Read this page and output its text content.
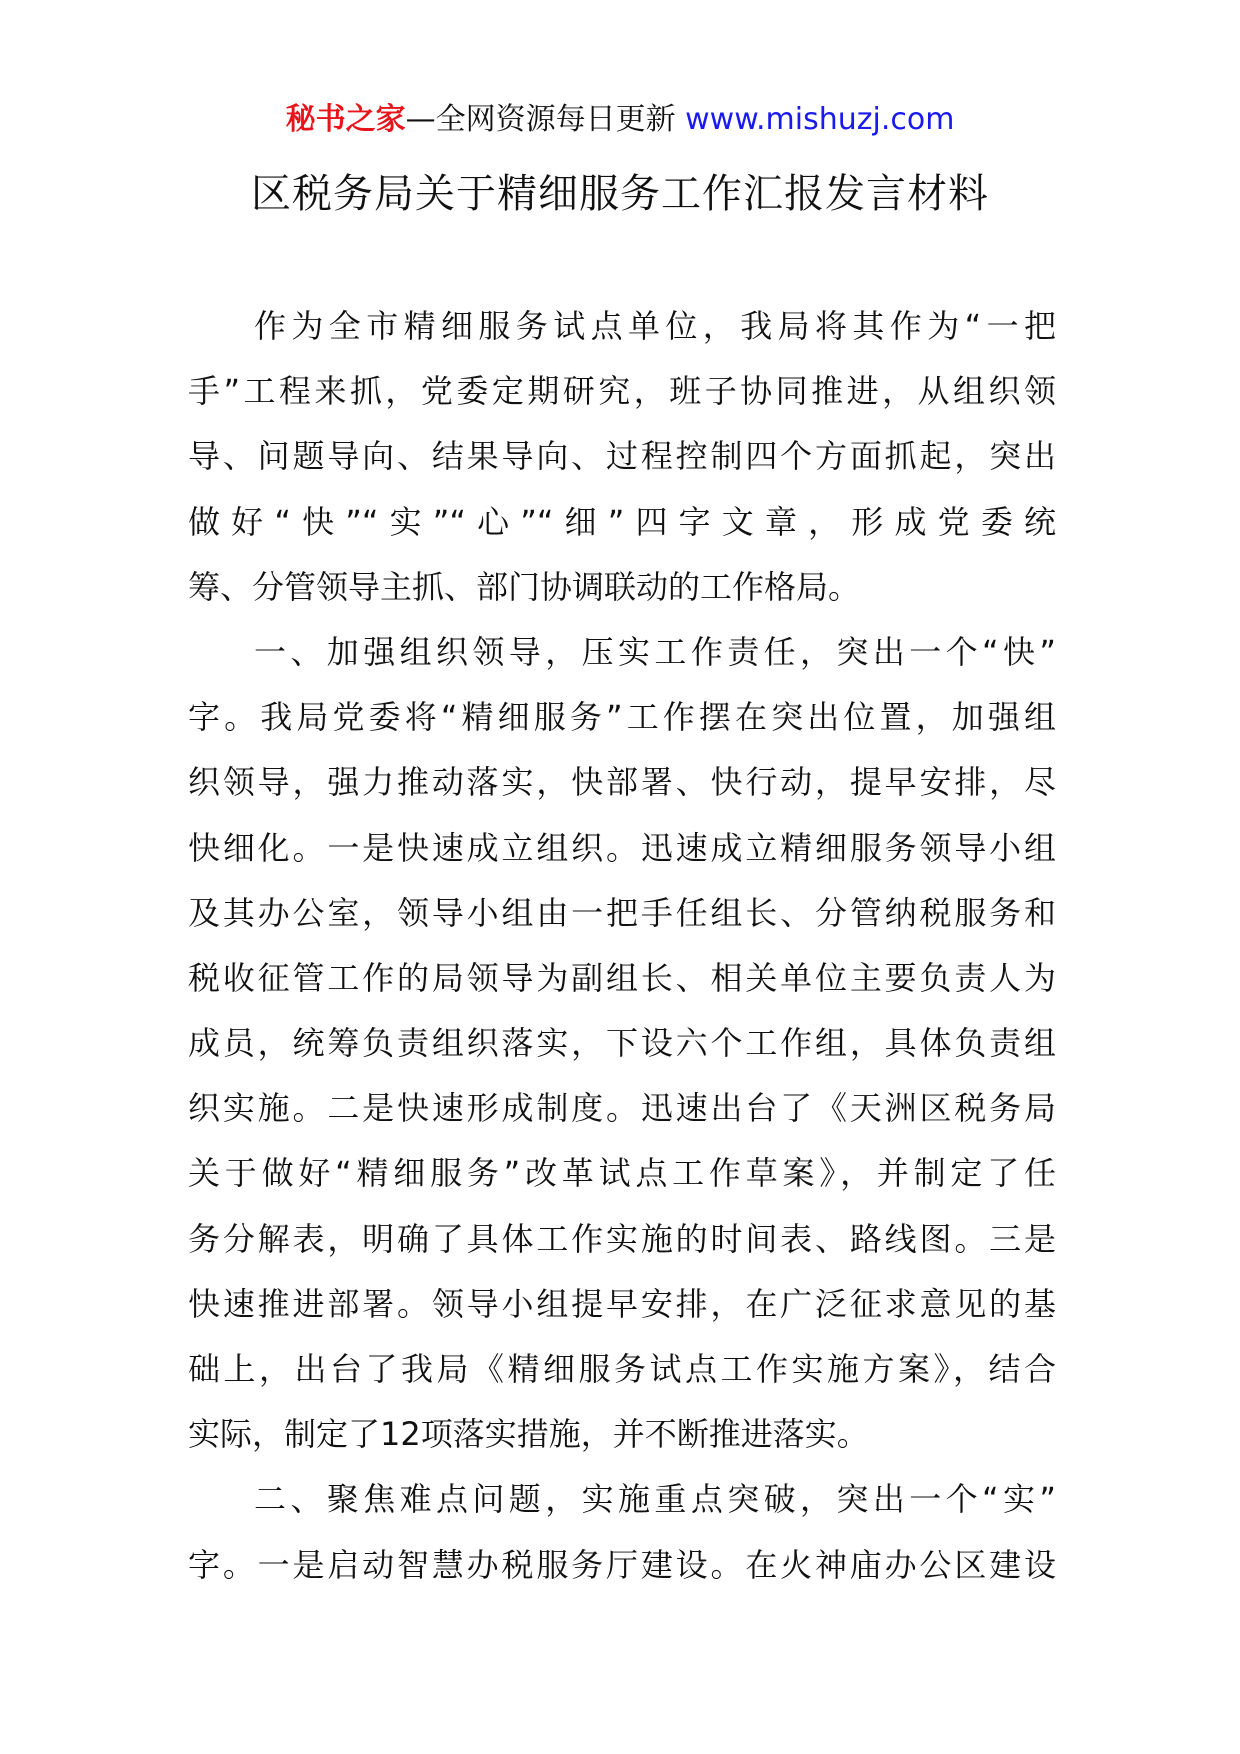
秘书之家—全网资源每日更新 www.mishuzj.com
区税务局关于精细服务工作汇报发言材料
作为全市精细服务试点单位，我局将其作为“一把
手”工程来抓，党委定期研究，班子协同推进，从组织领
导、问题导向、结果导向、过程控制四个方面抓起，突出
做好“快”“实”“心”“细”四字文章，形成党委统
筹、分管领导主抓、部门协调联动的工作格局。
一、加强组织领导，压实工作责任，突出一个“快”
字。我局党委将“精细服务”工作摆在突出位置，加强组
织领导，强力推动落实，快部署、快行动，提早安排，尽
快细化。一是快速成立组织。迅速成立精细服务领导小组
及其办公室，领导小组由一把手任组长、分管纳税服务和
税收征管工作的局领导为副组长、相关单位主要负责人为
成员，统筹负责组织落实，下设六个工作组，具体负责组
织实施。二是快速形成制度。迅速出台了《天洲区税务局
关于做好“精细服务”改革试点工作草案》，并制定了任
务分解表，明确了具体工作实施的时间表、路线图。三是
快速推进部署。领导小组提早安排，在广泛征求意见的基
础上，出台了我局《精细服务试点工作实施方案》，结合
实际，制定了12项落实措施，并不断推进落实。
二、聚焦难点问题，实施重点突破，突出一个“实”
字。一是启动智慧办税服务厅建设。在火神庙办公区建设
